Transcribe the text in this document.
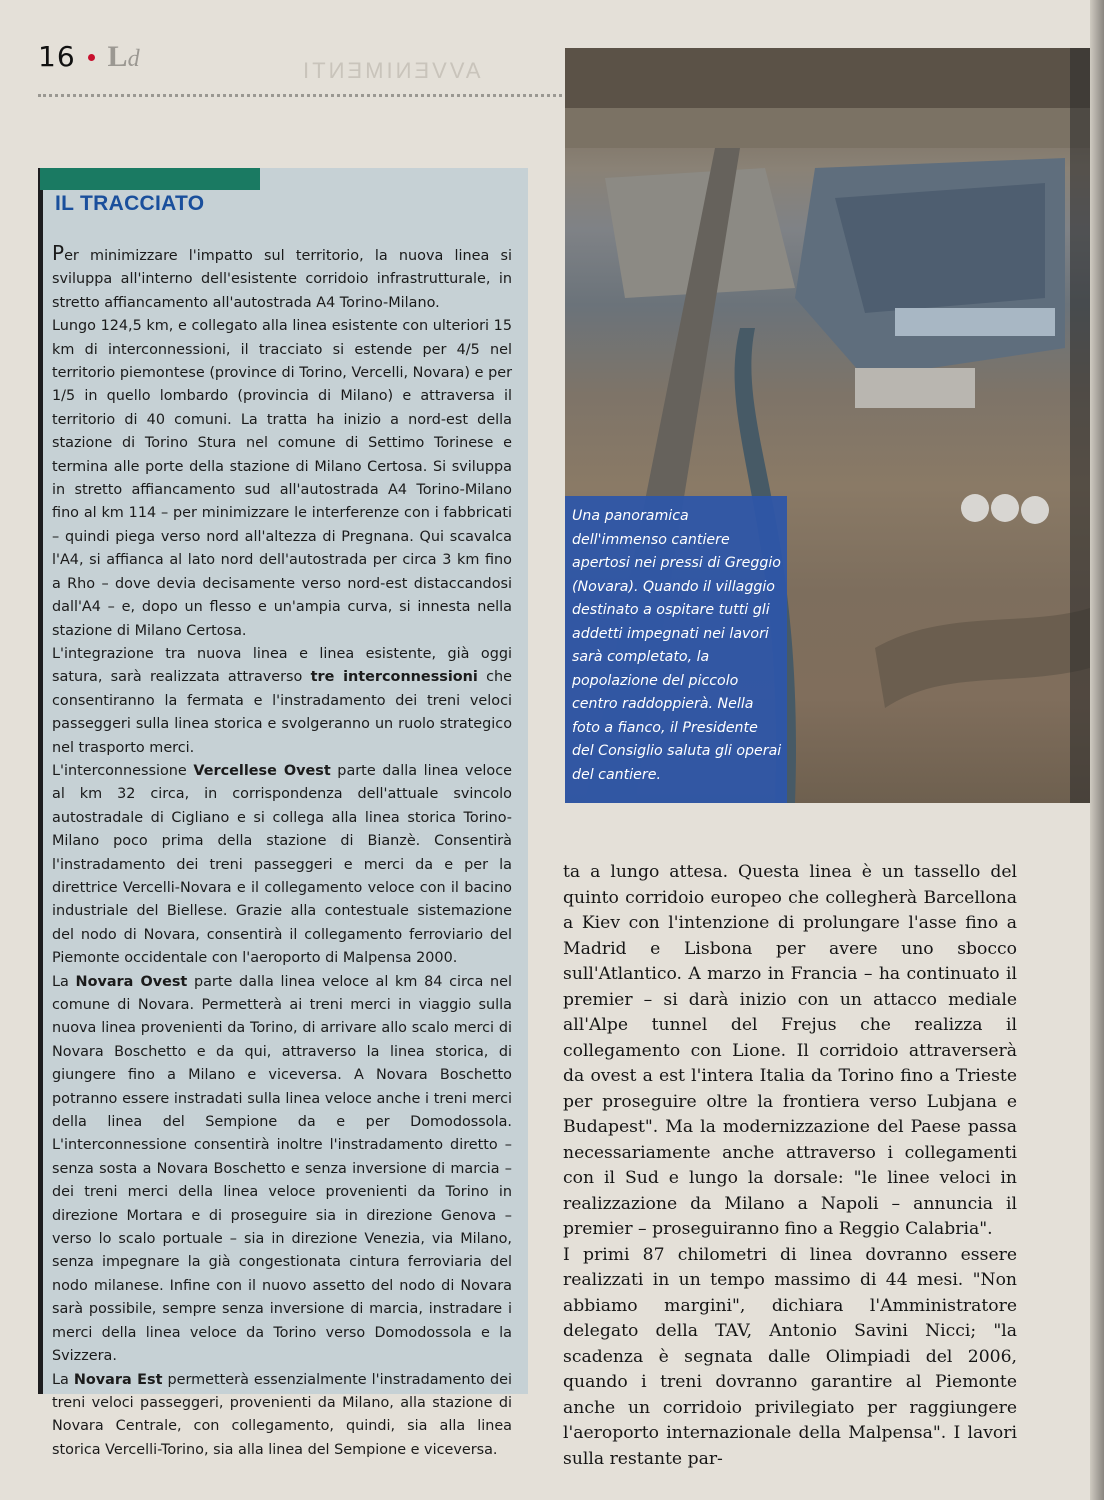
16 Ld	AVVENIMENTI
Una panoramica dell'immenso cantiere apertosi nei pressi di Greggio (Novara). Quando il villaggio destinato a ospitare tutti gli addetti impegnati nei lavori sarà completato, la popolazione del piccolo centro raddoppierà. Nella foto a fianco, il Presidente del Consiglio saluta gli operai del cantiere.
IL TRACCIATO

Per minimizzare l'impatto sul territorio, la nuova linea si sviluppa all'interno dell'esistente corridoio infrastrutturale, in stretto affiancamento all'autostrada A4 Torino-Milano.

Lungo 124,5 km, e collegato alla linea esistente con ulteriori 15 km di interconnessioni, il tracciato si estende per 4/5 nel territorio piemontese (province di Torino, Vercelli, Novara) e per 1/5 in quello lombardo (provincia di Milano) e attraversa il territorio di 40 comuni. La tratta ha inizio a nord-est della stazione di Torino Stura nel comune di Settimo Torinese e termina alle porte della stazione di Milano Certosa. Si sviluppa in stretto affiancamento sud all'autostrada A4 Torino-Milano fino al km 114 – per minimizzare le interferenze con i fabbricati – quindi piega verso nord all'altezza di Pregnana. Qui scavalca l'A4, si affianca al lato nord dell'autostrada per circa 3 km fino a Rho – dove devia decisamente verso nord-est distaccandosi dall'A4 – e, dopo un flesso e un'ampia curva, si innesta nella stazione di Milano Certosa.

L'integrazione tra nuova linea e linea esistente, già oggi satura, sarà realizzata attraverso tre interconnessioni che consentiranno la fermata e l'instradamento dei treni veloci passeggeri sulla linea storica e svolgeranno un ruolo strategico nel trasporto merci.

L'interconnessione Vercellese Ovest parte dalla linea veloce al km 32 circa, in corrispondenza dell'attuale svincolo autostradale di Cigliano e si collega alla linea storica Torino-Milano poco prima della stazione di Bianzè. Consentirà l'instradamento dei treni passeggeri e merci da e per la direttrice Vercelli-Novara e il collegamento veloce con il bacino industriale del Biellese. Grazie alla contestuale sistemazione del nodo di Novara, consentirà il collegamento ferroviario del Piemonte occidentale con l'aeroporto di Malpensa 2000.

La Novara Ovest parte dalla linea veloce al km 84 circa nel comune di Novara. Permetterà ai treni merci in viaggio sulla nuova linea provenienti da Torino, di arrivare allo scalo merci di Novara Boschetto e da qui, attraverso la linea storica, di giungere fino a Milano e viceversa. A Novara Boschetto potranno essere instradati sulla linea veloce anche i treni merci della linea del Sempione da e per Domodossola. L'interconnessione consentirà inoltre l'instradamento diretto – senza sosta a Novara Boschetto e senza inversione di marcia – dei treni merci della linea veloce provenienti da Torino in direzione Mortara e di proseguire sia in direzione Genova – verso lo scalo portuale – sia in direzione Venezia, via Milano, senza impegnare la già congestionata cintura ferroviaria del nodo milanese. Infine con il nuovo assetto del nodo di Novara sarà possibile, sempre senza inversione di marcia, instradare i merci della linea veloce da Torino verso Domodossola e la Svizzera.

La Novara Est permetterà essenzialmente l'instradamento dei treni veloci passeggeri, provenienti da Milano, alla stazione di Novara Centrale, con collegamento, quindi, sia alla linea storica Vercelli-Torino, sia alla linea del Sempione e viceversa.

ta a lungo attesa. Questa linea è un tassello del quinto corridoio europeo che collegherà Barcellona a Kiev con l'intenzione di prolungare l'asse fino a Madrid e Lisbona per avere uno sbocco sull'Atlantico. A marzo in Francia – ha continuato il premier – si darà inizio con un attacco mediale all'Alpe tunnel del Frejus che realizza il collegamento con Lione. Il corridoio attraverserà da ovest a est l'intera Italia da Torino fino a Trieste per proseguire oltre la frontiera verso Lubjana e Budapest". Ma la modernizzazione del Paese passa necessariamente anche attraverso i collegamenti con il Sud e lungo la dorsale: "le linee veloci in realizzazione da Milano a Napoli – annuncia il premier – proseguiranno fino a Reggio Calabria".

I primi 87 chilometri di linea dovranno essere realizzati in un tempo massimo di 44 mesi. "Non abbiamo margini", dichiara l'Amministratore delegato della TAV, Antonio Savini Nicci; "la scadenza è segnata dalle Olimpiadi del 2006, quando i treni dovranno garantire al Piemonte anche un corridoio privilegiato per raggiungere l'aeroporto internazionale della Malpensa". I lavori sulla restante par-
